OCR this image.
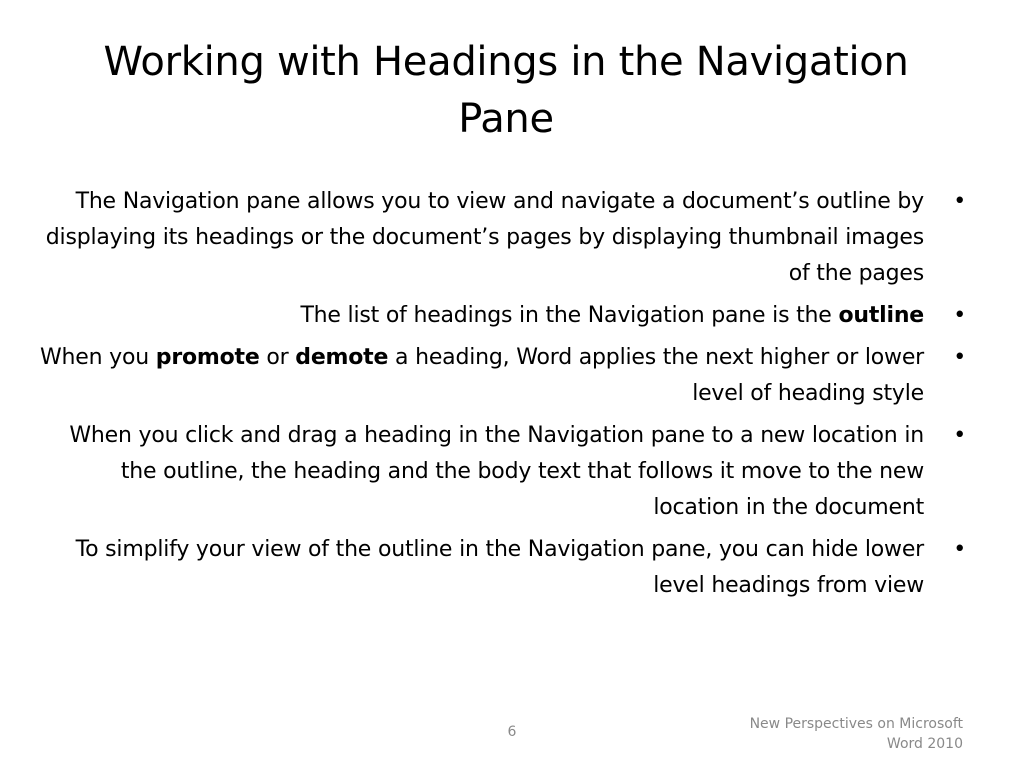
Working with Headings in the Navigation Pane
The Navigation pane allows you to view and navigate a document’s outline by displaying its headings or the document’s pages by displaying thumbnail images of the pages
•
The list of headings in the Navigation pane is the outline •
When you promote or demote a heading, Word applies the next higher or lower level of heading style
•
When you click and drag a heading in the Navigation pane to a new location in the outline, the heading and the body text that follows it move to the new location in the document
•
To simplify your view of the outline in the Navigation pane, you can hide lower level headings from view
•
6	New Perspectives on Microsoft
Word 2010
